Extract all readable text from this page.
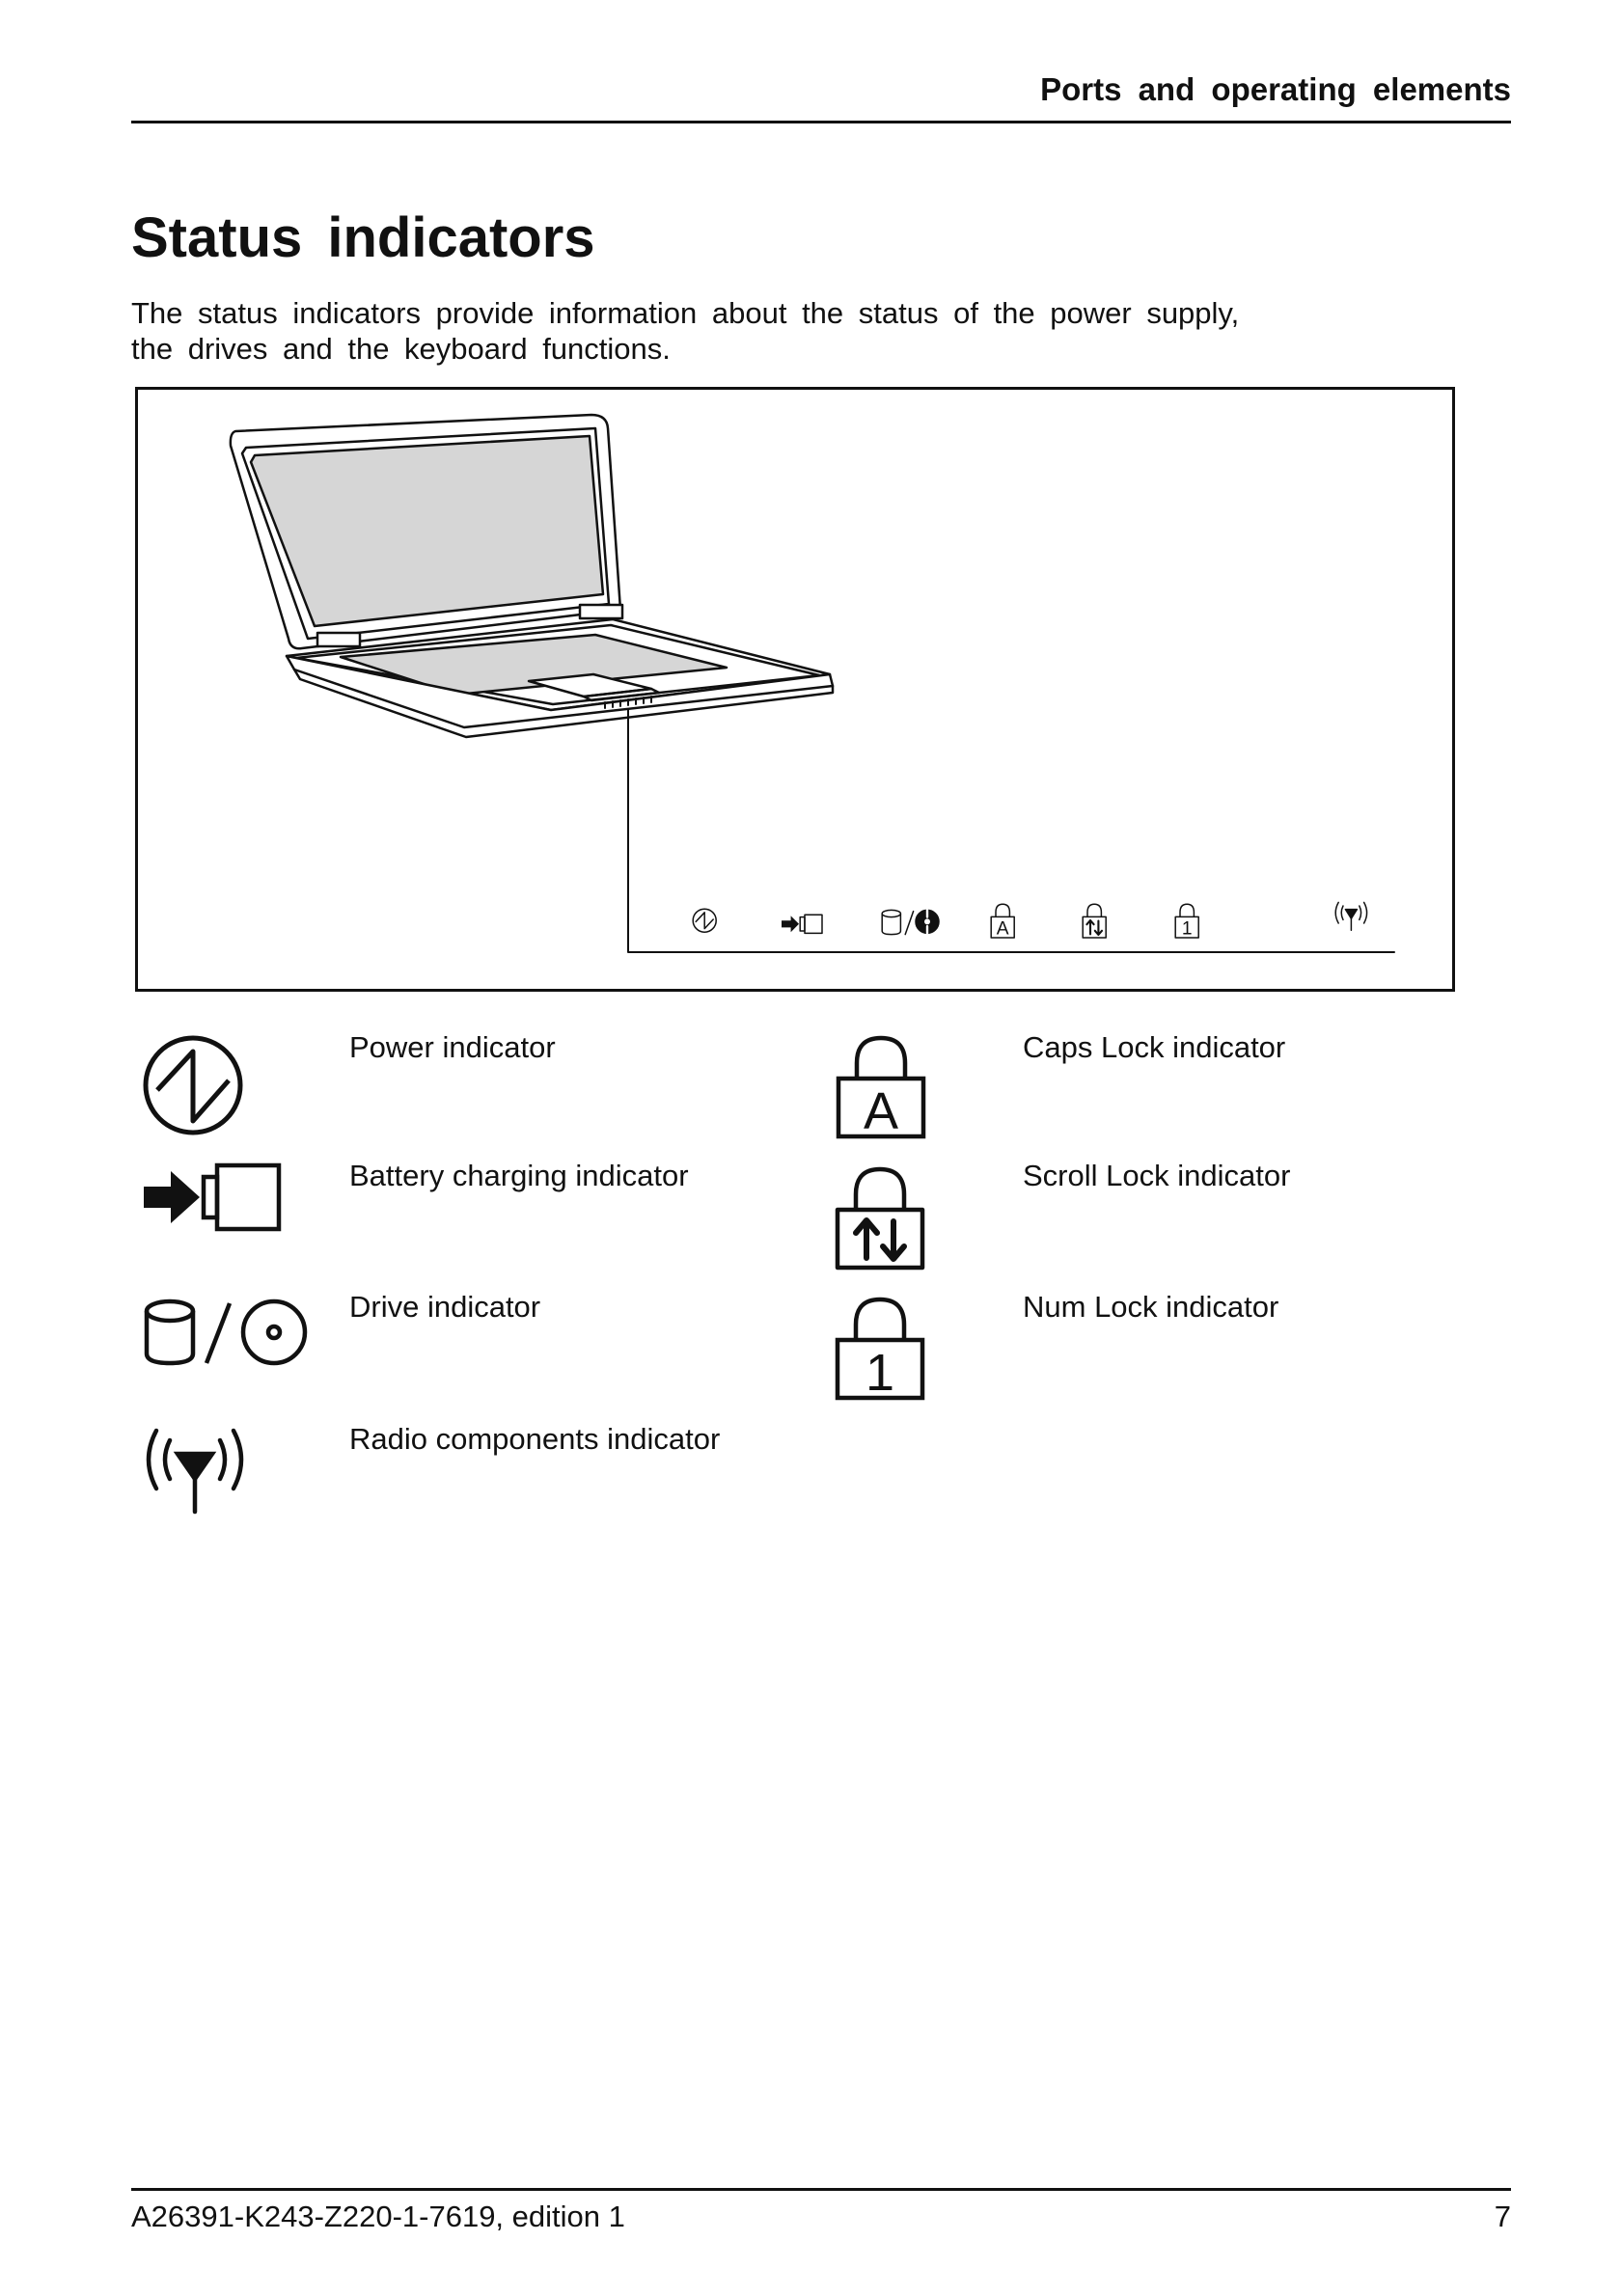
Ports and operating elements
Status indicators
The status indicators provide information about the status of the power supply,
the drives and the keyboard functions.
A	1
Power indicator
Battery charging indicator
Drive indicator
Radio components indicator
A
Caps Lock indicator
Scroll Lock indicator
1
Num Lock indicator
A26391-K243-Z220-1-7619, edition 1	7
